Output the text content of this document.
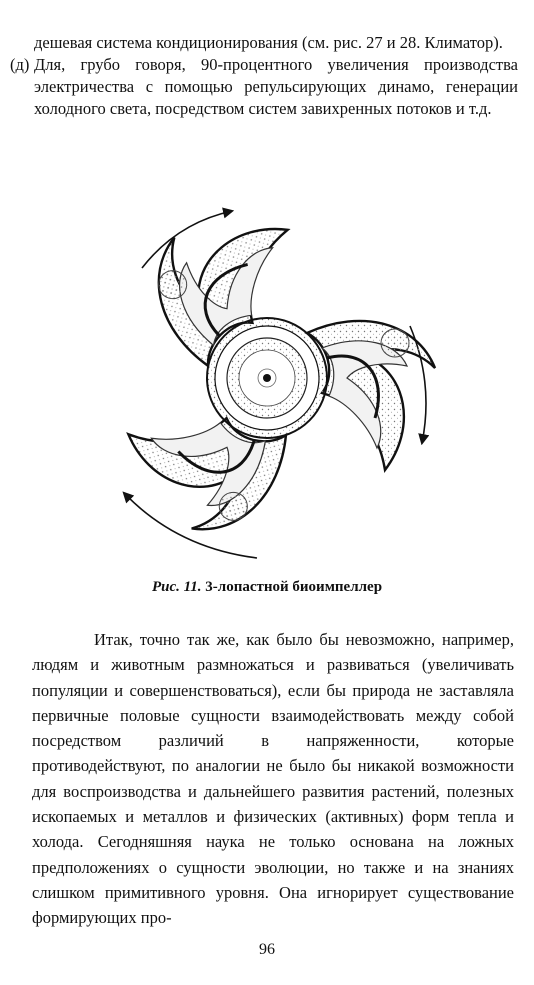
дешевая система кондиционирования (см. рис. 27 и 28. Климатор).

(д) Для, грубо говоря, 90-процентного увеличения производства электричества с помощью репульсирующих динамо, генерации холодного света, посредством систем завихренных потоков и т.д.

Рис. 11. 3-лопастной биоимпеллер

Итак, точно так же, как было бы невозможно, например, людям и животным размножаться и развиваться (увеличивать популяции и совершенствоваться), если бы природа не заставляла первичные половые сущности взаимодействовать между собой посредством различий в напряженности, которые противодействуют, по аналогии не было бы никакой возможности для воспроизводства и дальнейшего развития растений, полезных ископаемых и металлов и физических (активных) форм тепла и холода. Сегодняшняя наука не только основана на ложных предположениях о сущности эволюции, но также и на знаниях слишком примитивного уровня. Она игнорирует существование формирующих про-

96
